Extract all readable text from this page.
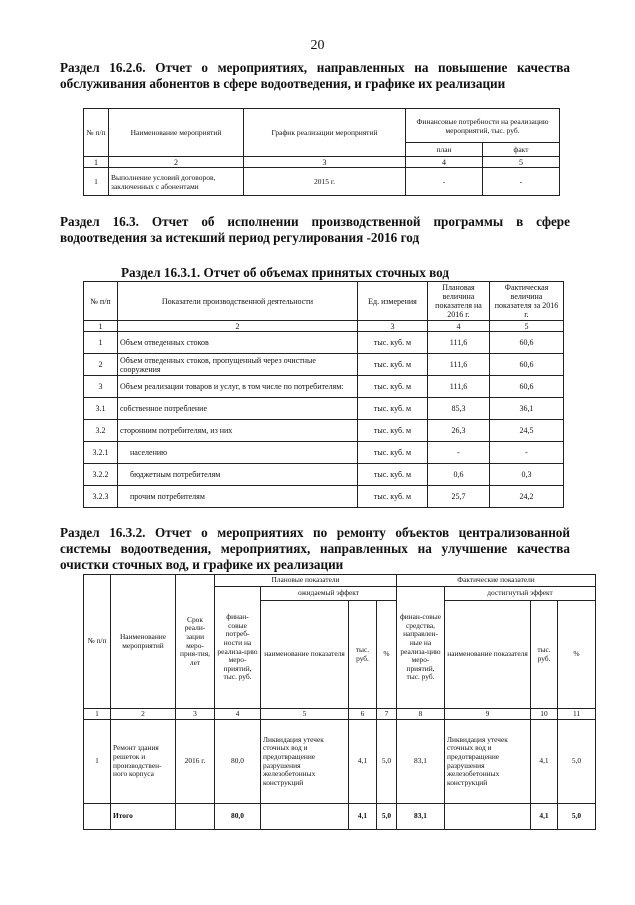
20
Раздел 16.2.6. Отчет о мероприятиях, направленных на повышение качества обслуживания абонентов в сфере водоотведения, и графике их реализации
№ п/п	Наименование мероприятий	График реализации мероприятий	Финансовые потребности на реализацию мероприятий, тыс. руб.	
			план	факт
1	2	3	4	5
1	Выполнение условий договоров, заключенных с абонентами	2015 г.	-	-
Раздел 16.3. Отчет об исполнении производственной программы в сфере водоотведения за истекший период регулирования -2016 год
Раздел 16.3.1. Отчет об объемах принятых сточных вод
№ п/п	Показатели производственной деятельности	Ед. измерения	Плановая величина показателя на 2016 г.	Фактическая величина показателя за 2016 г.
1	2	3	4	5
1	Объем отведенных стоков	тыс. куб. м	111,6	60,6
2	Объем отведенных стоков, пропущенный через очистные сооружения	тыс. куб. м	111,6	60,6
3	Объем реализации товаров и услуг, в том числе по потребителям:	тыс. куб. м	111,6	60,6
3.1	собственное потребление	тыс. куб. м	85,3	36,1
3.2	сторонним потребителям, из них	тыс. куб. м	26,3	24,5
3.2.1	населению	тыс. куб. м	-	-
3.2.2	бюджетным потребителям	тыс. куб. м	0,6	0,3
3.2.3	прочим потребителям	тыс. куб. м	25,7	24,2
Раздел 16.3.2. Отчет о мероприятиях по ремонту объектов централизованной системы водоотведения, мероприятиях, направленных на улучшение качества очистки сточных вод, и графике их реализации
№ п/п	Наименование мероприятий	Срок реали-зации меро-прия-тия, лет	Плановые показатели				Фактические показатели			
			финан-совые потреб-ности на реализа-цию меро-приятий, тыс. руб.	ожидаемый эффект			финан-совые средства, направлен-ные на реализа-цию меро-приятий, тыс. руб.	достигнутый эффект		
				наименование показателя	тыс. руб.	%		наименование показателя	тыс. руб.	%
1	2	3	4	5	6	7	8	9	10	11
1	Ремонт здания решеток и производствен-ного корпуса	2016 г.	80,0	Ликвидация утечек сточных вод и предотвращение разрушения железобетонных конструкций	4,1	5,0	83,1	Ликвидация утечек сточных вод и предотвращение разрушения железобетонных конструкций	4,1	5,0
	Итого		80,0		4,1	5,0	83,1		4,1	5,0
